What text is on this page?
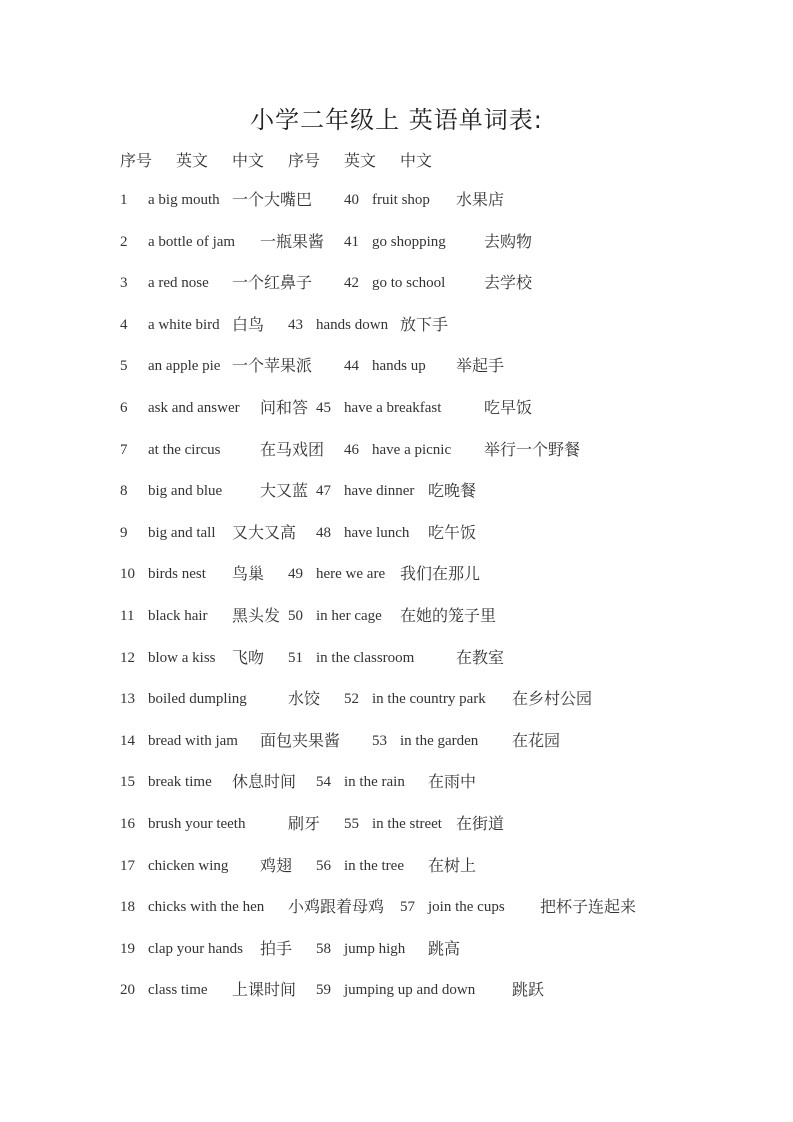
小学二年级上 英语单词表:
序号 英文 中文 序号 英文 中文
1 a big mouth 一个大嘴巴 40 fruit shop 水果店
2 a bottle of jam 一瓶果酱 41 go shopping 去购物
3 a red nose 一个红鼻子 42 go to school 去学校
4 a white bird 白鸟 43 hands down 放下手
5 an apple pie 一个苹果派 44 hands up 举起手
6 ask and answer 问和答 45 have a breakfast	吃早饭
7 at the circus 在马戏团 46 have a picnic 举行一个野餐
8 big and blue 大又蓝 47 have dinner 吃晚餐
9 big and tall 又大又高 48 have lunch 吃午饭
10 birds nest 鸟巢 49 here we are 我们在那儿
11 black hair 黑头发 50 in her cage 在她的笼子里
12 blow a kiss 飞吻 51 in the classroom	在教室
13 boiled dumpling	水饺 52 in the country park 在乡村公园
14 bread with jam 面包夹果酱 53 in the garden 在花园
15 break time 休息时间 54 in the rain 在雨中
16 brush your teeth	刷牙 55 in the street 在街道
17 chicken wing 鸡翅 56 in the tree 在树上
18 chicks with the hen 小鸡跟着母鸡 57 join the cups 把杯子连起来
19 clap your hands 拍手 58 jump high 跳高
20 class time 上课时间 59 jumping up and down 跳跃
